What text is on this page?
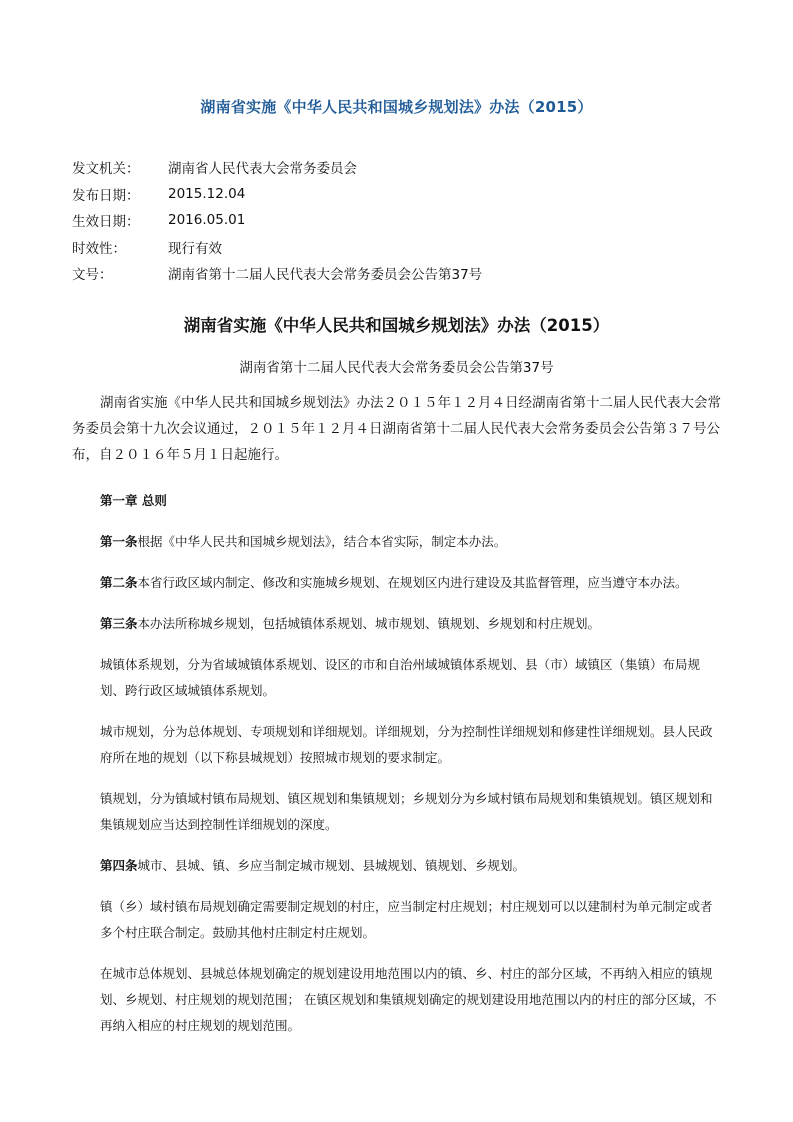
湖南省实施《中华人民共和国城乡规划法》办法（2015）
发文机关：	湖南省人民代表大会常务委员会
发布日期：	2015.12.04
生效日期：	2016.05.01
时效性：	现行有效
文号：	湖南省第十二届人民代表大会常务委员会公告第37号
湖南省实施《中华人民共和国城乡规划法》办法（2015）
湖南省第十二届人民代表大会常务委员会公告第37号

湖南省实施《中华人民共和国城乡规划法》办法２０１５年１２月４日经湖南省第十二届人民代表大会常务委员会第十九次会议通过，２０１５年１２月４日湖南省第十二届人民代表大会常务委员会公告第３７号公布，自２０１６年５月１日起施行。

第一章 总则

第一条根据《中华人民共和国城乡规划法》，结合本省实际，制定本办法。

第二条本省行政区域内制定、修改和实施城乡规划、在规划区内进行建设及其监督管理，应当遵守本办法。

第三条本办法所称城乡规划，包括城镇体系规划、城市规划、镇规划、乡规划和村庄规划。

城镇体系规划，分为省域城镇体系规划、设区的市和自治州域城镇体系规划、县（市）域镇区（集镇）布局规划、跨行政区域城镇体系规划。

城市规划，分为总体规划、专项规划和详细规划。详细规划，分为控制性详细规划和修建性详细规划。县人民政府所在地的规划（以下称县城规划）按照城市规划的要求制定。

镇规划，分为镇域村镇布局规划、镇区规划和集镇规划；乡规划分为乡域村镇布局规划和集镇规划。镇区规划和集镇规划应当达到控制性详细规划的深度。

第四条城市、县城、镇、乡应当制定城市规划、县城规划、镇规划、乡规划。

镇（乡）域村镇布局规划确定需要制定规划的村庄，应当制定村庄规划；村庄规划可以以建制村为单元制定或者多个村庄联合制定。鼓励其他村庄制定村庄规划。

在城市总体规划、县城总体规划确定的规划建设用地范围以内的镇、乡、村庄的部分区域，不再纳入相应的镇规划、乡规划、村庄规划的规划范围； 在镇区规划和集镇规划确定的规划建设用地范围以内的村庄的部分区域，不再纳入相应的村庄规划的规划范围。
